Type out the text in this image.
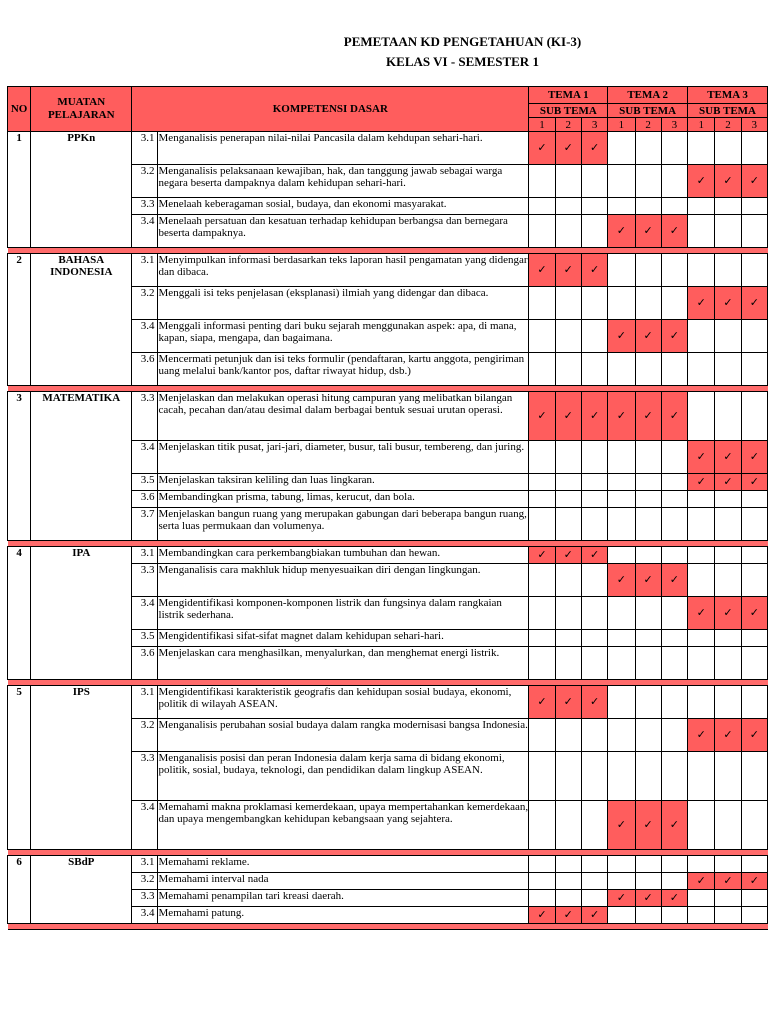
PEMETAAN KD PENGETAHUAN (KI-3)
KELAS VI - SEMESTER 1
NO	MUATAN PELAJARAN	KOMPETENSI DASAR		TEMA 1			TEMA 2			TEMA 3		
				SUB TEMA			SUB TEMA			SUB TEMA		
				1	2	3	1	2	3	1	2	3
1	PPKn	3.1	Menganalisis penerapan nilai-nilai Pancasila dalam kehdupan sehari-hari.	✓	✓	✓						
		3.2	Menganalisis pelaksanaan kewajiban, hak, dan tanggung jawab sebagai warga negara beserta dampaknya dalam kehidupan sehari-hari.							✓	✓	✓
		3.3	Menelaah keberagaman sosial, budaya, dan ekonomi masyarakat.									
		3.4	Menelaah persatuan dan kesatuan terhadap kehidupan berbangsa dan bernegara beserta dampaknya.				✓	✓	✓			

2	BAHASA INDONESIA	3.1	Menyimpulkan informasi berdasarkan teks laporan hasil pengamatan yang didengar dan dibaca.	✓	✓	✓						
		3.2	Menggali isi teks penjelasan (eksplanasi) ilmiah yang didengar dan dibaca.							✓	✓	✓
		3.4	Menggali informasi penting dari buku sejarah menggunakan aspek: apa, di mana, kapan, siapa, mengapa, dan bagaimana.				✓	✓	✓			
		3.6	Mencermati petunjuk dan isi teks formulir (pendaftaran, kartu anggota, pengiriman uang melalui bank/kantor pos, daftar riwayat hidup, dsb.)									

3	MATEMATIKA	3.3	Menjelaskan dan melakukan operasi hitung campuran yang melibatkan bilangan cacah, pecahan dan/atau desimal dalam berbagai bentuk sesuai urutan operasi.	✓	✓	✓	✓	✓	✓			
		3.4	Menjelaskan titik pusat, jari-jari, diameter, busur, tali busur, tembereng, dan juring.							✓	✓	✓
		3.5	Menjelaskan taksiran keliling dan luas lingkaran.							✓	✓	✓
		3.6	Membandingkan prisma, tabung, limas, kerucut, dan bola.									
		3.7	Menjelaskan bangun ruang yang merupakan gabungan dari beberapa bangun ruang, serta luas permukaan dan volumenya.									

4	IPA	3.1	Membandingkan cara perkembangbiakan tumbuhan dan hewan.	✓	✓	✓						
		3.3	Menganalisis cara makhluk hidup menyesuaikan diri dengan lingkungan.				✓	✓	✓			
		3.4	Mengidentifikasi komponen-komponen listrik dan fungsinya dalam rangkaian listrik sederhana.							✓	✓	✓
		3.5	Mengidentifikasi sifat-sifat magnet dalam kehidupan sehari-hari.									
		3.6	Menjelaskan cara menghasilkan, menyalurkan, dan menghemat energi listrik.									

5	IPS	3.1	Mengidentifikasi karakteristik geografis dan kehidupan sosial budaya, ekonomi, politik di wilayah ASEAN.	✓	✓	✓						
		3.2	Menganalisis perubahan sosial budaya dalam rangka modernisasi bangsa Indonesia.							✓	✓	✓
		3.3	Menganalisis posisi dan peran Indonesia dalam kerja sama di bidang ekonomi, politik, sosial, budaya, teknologi, dan pendidikan dalam lingkup ASEAN.									
		3.4	Memahami makna proklamasi kemerdekaan, upaya mempertahankan kemerdekaan, dan upaya mengembangkan kehidupan kebangsaan yang sejahtera.				✓	✓	✓			

6	SBdP	3.1	Memahami reklame.									
		3.2	Memahami interval nada							✓	✓	✓
		3.3	Memahami penampilan tari kreasi daerah.				✓	✓	✓			
		3.4	Memahami patung.	✓	✓	✓						
